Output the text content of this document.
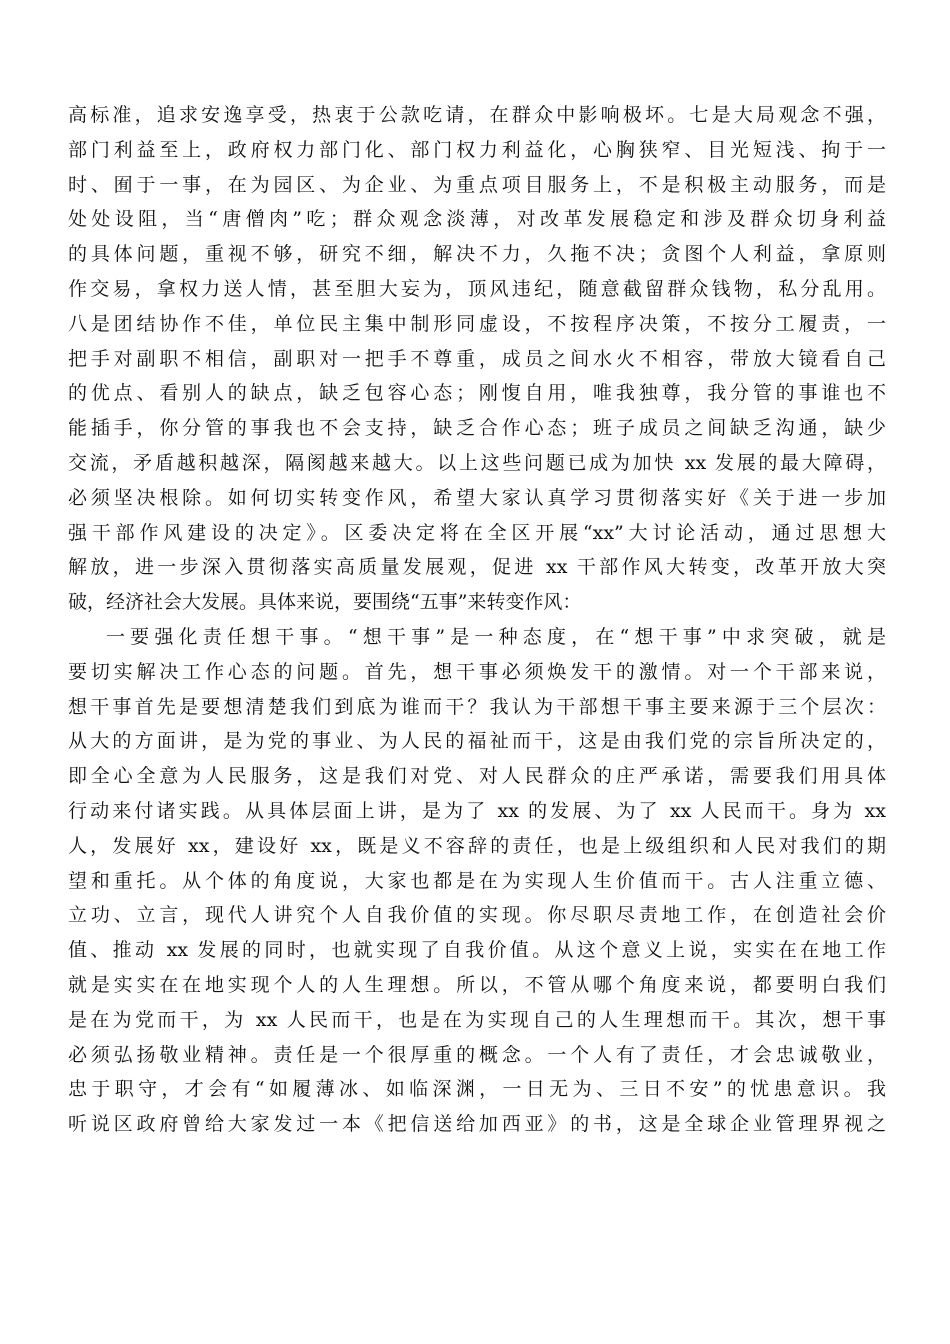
高标准，追求安逸享受，热衷于公款吃请，在群众中影响极坏。七是大局观念不强，
部门利益至上，政府权力部门化、部门权力利益化，心胸狭窄、目光短浅、拘于一
时、囿于一事，在为园区、为企业、为重点项目服务上，不是积极主动服务，而是
处处设阻，当“唐僧肉”吃；群众观念淡薄，对改革发展稳定和涉及群众切身利益
的具体问题，重视不够，研究不细，解决不力，久拖不决；贪图个人利益，拿原则
作交易，拿权力送人情，甚至胆大妄为，顶风违纪，随意截留群众钱物，私分乱用。
八是团结协作不佳，单位民主集中制形同虚设，不按程序决策，不按分工履责，一
把手对副职不相信，副职对一把手不尊重，成员之间水火不相容，带放大镜看自己
的优点、看别人的缺点，缺乏包容心态；刚愎自用，唯我独尊，我分管的事谁也不
能插手，你分管的事我也不会支持，缺乏合作心态；班子成员之间缺乏沟通，缺少
交流，矛盾越积越深，隔阂越来越大。以上这些问题已成为加快 xx 发展的最大障碍，
必须坚决根除。如何切实转变作风，希望大家认真学习贯彻落实好《关于进一步加
强干部作风建设的决定》。区委决定将在全区开展“xx”大讨论活动，通过思想大
解放，进一步深入贯彻落实高质量发展观，促进 xx 干部作风大转变，改革开放大突
破，经济社会大发展。具体来说，要围绕“五事”来转变作风：
一要强化责任想干事。“想干事”是一种态度，在“想干事”中求突破，就是
要切实解决工作心态的问题。首先，想干事必须焕发干的激情。对一个干部来说，
想干事首先是要想清楚我们到底为谁而干？我认为干部想干事主要来源于三个层次：
从大的方面讲，是为党的事业、为人民的福祉而干，这是由我们党的宗旨所决定的，
即全心全意为人民服务，这是我们对党、对人民群众的庄严承诺，需要我们用具体
行动来付诸实践。从具体层面上讲，是为了 xx 的发展、为了 xx 人民而干。身为 xx
人，发展好 xx，建设好 xx，既是义不容辞的责任，也是上级组织和人民对我们的期
望和重托。从个体的角度说，大家也都是在为实现人生价值而干。古人注重立德、
立功、立言，现代人讲究个人自我价值的实现。你尽职尽责地工作，在创造社会价
值、推动 xx 发展的同时，也就实现了自我价值。从这个意义上说，实实在在地工作
就是实实在在地实现个人的人生理想。所以，不管从哪个角度来说，都要明白我们
是在为党而干，为 xx 人民而干，也是在为实现自己的人生理想而干。其次，想干事
必须弘扬敬业精神。责任是一个很厚重的概念。一个人有了责任，才会忠诚敬业，
忠于职守，才会有“如履薄冰、如临深渊，一日无为、三日不安”的忧患意识。我
听说区政府曾给大家发过一本《把信送给加西亚》的书，这是全球企业管理界视之
